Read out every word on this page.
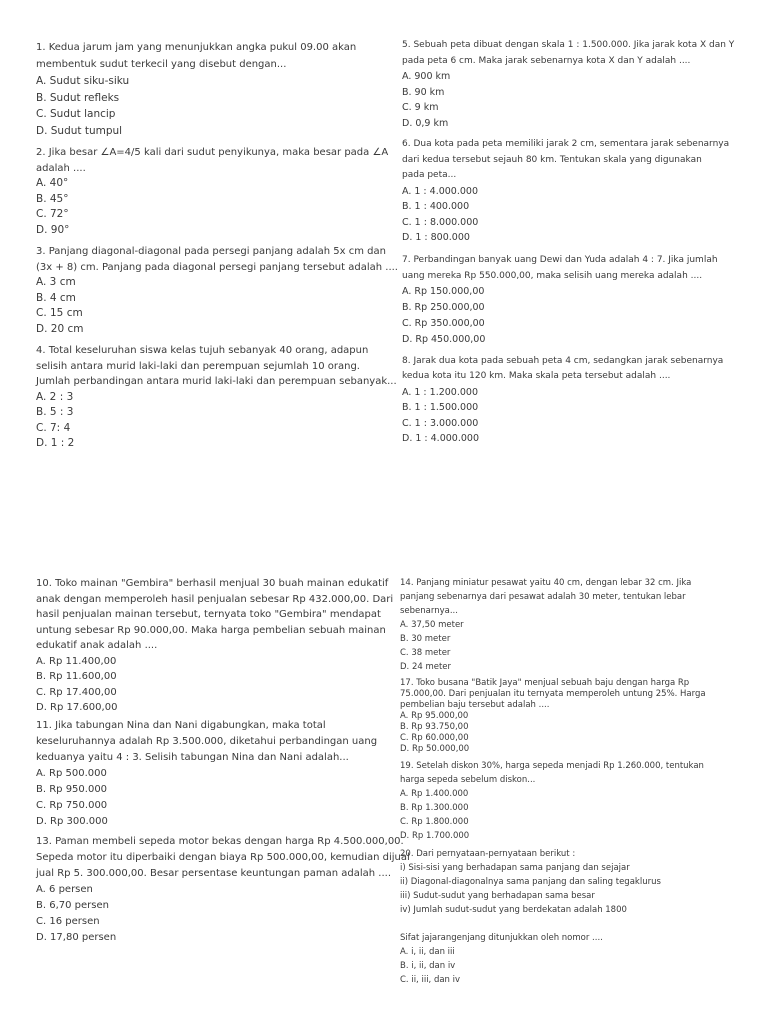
1. Kedua jarum jam yang menunjukkan angka pukul 09.00 akan

membentuk sudut terkecil yang disebut dengan...

A. Sudut siku-siku

B. Sudut refleks

C. Sudut lancip

D. Sudut tumpul

2. Jika besar ∠A=4/5 kali dari sudut penyikunya, maka besar pada ∠A

adalah ....

A. 40°

B. 45°

C. 72°

D. 90°

3. Panjang diagonal-diagonal pada persegi panjang adalah 5x cm dan

(3x + 8) cm. Panjang pada diagonal persegi panjang tersebut adalah ....

A. 3 cm

B. 4 cm

C. 15 cm

D. 20 cm

4. Total keseluruhan siswa kelas tujuh sebanyak 40 orang, adapun

selisih antara murid laki-laki dan perempuan sejumlah 10 orang.

Jumlah perbandingan antara murid laki-laki dan perempuan sebanyak...

A. 2 : 3

B. 5 : 3

C. 7: 4

D. 1 : 2

5. Sebuah peta dibuat dengan skala 1 : 1.500.000. Jika jarak kota X dan Y

pada peta 6 cm. Maka jarak sebenarnya kota X dan Y adalah ....

A. 900 km

B. 90 km

C. 9 km

D. 0,9 km

6. Dua kota pada peta memiliki jarak 2 cm, sementara jarak sebenarnya

dari kedua tersebut sejauh 80 km. Tentukan skala yang digunakan

pada peta...

A. 1 : 4.000.000

B. 1 : 400.000

C. 1 : 8.000.000

D. 1 : 800.000

7. Perbandingan banyak uang Dewi dan Yuda adalah 4 : 7. Jika jumlah

uang mereka Rp 550.000,00, maka selisih uang mereka adalah ....

A. Rp 150.000,00

B. Rp 250.000,00

C. Rp 350.000,00

D. Rp 450.000,00

8. Jarak dua kota pada sebuah peta 4 cm, sedangkan jarak sebenarnya

kedua kota itu 120 km. Maka skala peta tersebut adalah ....

A. 1 : 1.200.000

B. 1 : 1.500.000

C. 1 : 3.000.000

D. 1 : 4.000.000

10. Toko mainan "Gembira" berhasil menjual 30 buah mainan edukatif

anak dengan memperoleh hasil penjualan sebesar Rp 432.000,00. Dari

hasil penjualan mainan tersebut, ternyata toko "Gembira" mendapat

untung sebesar Rp 90.000,00. Maka harga pembelian sebuah mainan

edukatif anak adalah ....

A. Rp 11.400,00

B. Rp 11.600,00

C. Rp 17.400,00

D. Rp 17.600,00

11. Jika tabungan Nina dan Nani digabungkan, maka total

keseluruhannya adalah Rp 3.500.000, diketahui perbandingan uang

keduanya yaitu 4 : 3. Selisih tabungan Nina dan Nani adalah...

A. Rp 500.000

B. Rp 950.000

C. Rp 750.000

D. Rp 300.000

13. Paman membeli sepeda motor bekas dengan harga Rp 4.500.000,00.

Sepeda motor itu diperbaiki dengan biaya Rp 500.000,00, kemudian dijual

jual Rp 5. 300.000,00. Besar persentase keuntungan paman adalah ....

A. 6 persen

B. 6,70 persen

C. 16 persen

D. 17,80 persen

14. Panjang miniatur pesawat yaitu 40 cm, dengan lebar 32 cm. Jika

panjang sebenarnya dari pesawat adalah 30 meter, tentukan lebar

sebenarnya...

A. 37,50 meter

B. 30 meter

C. 38 meter

D. 24 meter

17. Toko busana "Batik Jaya" menjual sebuah baju dengan harga Rp

75.000,00. Dari penjualan itu ternyata memperoleh untung 25%. Harga

pembelian baju tersebut adalah ....

A. Rp 95.000,00

B. Rp 93.750,00

C. Rp 60.000,00

D. Rp 50.000,00

19. Setelah diskon 30%, harga sepeda menjadi Rp 1.260.000, tentukan

harga sepeda sebelum diskon...

A. Rp 1.400.000

B. Rp 1.300.000

C. Rp 1.800.000

D. Rp 1.700.000

20. Dari pernyataan-pernyataan berikut :

i) Sisi-sisi yang berhadapan sama panjang dan sejajar

ii) Diagonal-diagonalnya sama panjang dan saling tegaklurus

iii) Sudut-sudut yang berhadapan sama besar

iv) Jumlah sudut-sudut yang berdekatan adalah 1800

Sifat jajarangenjang ditunjukkan oleh nomor ....

A. i, ii, dan iii

B. i, ii, dan iv

C. ii, iii, dan iv
